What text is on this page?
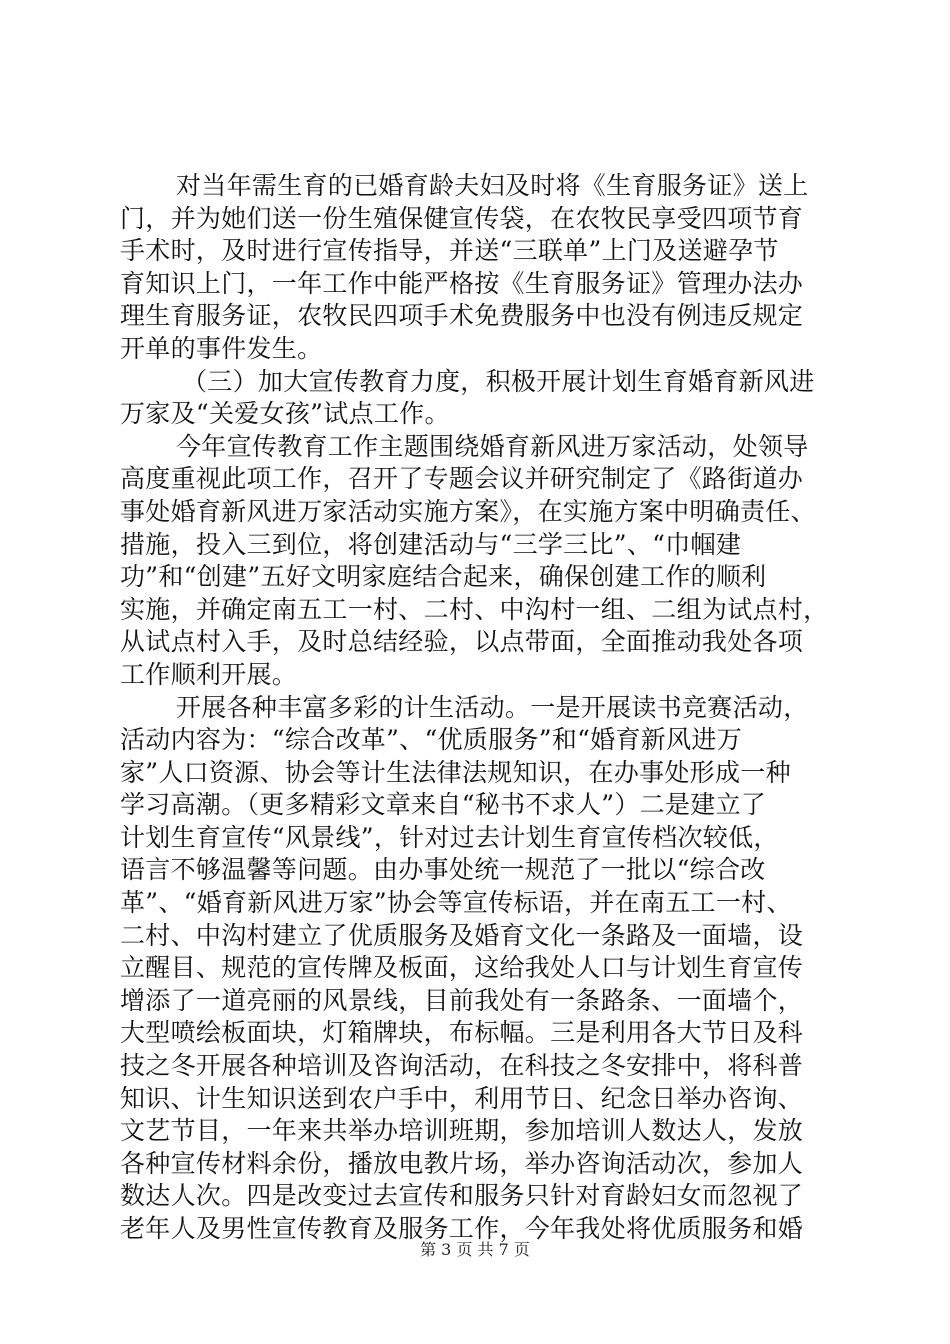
对当年需生育的已婚育龄夫妇及时将《生育服务证》送上
门，并为她们送一份生殖保健宣传袋，在农牧民享受四项节育
手术时，及时进行宣传指导，并送“三联单”上门及送避孕节
育知识上门，一年工作中能严格按《生育服务证》管理办法办
理生育服务证，农牧民四项手术免费服务中也没有例违反规定
开单的事件发生。
（三）加大宣传教育力度，积极开展计划生育婚育新风进
万家及“关爱女孩”试点工作。
今年宣传教育工作主题围绕婚育新风进万家活动，处领导
高度重视此项工作，召开了专题会议并研究制定了《路街道办
事处婚育新风进万家活动实施方案》，在实施方案中明确责任、
措施，投入三到位，将创建活动与“三学三比”、“巾帼建
功”和“创建”五好文明家庭结合起来，确保创建工作的顺利
实施，并确定南五工一村、二村、中沟村一组、二组为试点村，
从试点村入手，及时总结经验，以点带面，全面推动我处各项
工作顺利开展。
开展各种丰富多彩的计生活动。一是开展读书竞赛活动，
活动内容为：“综合改革”、“优质服务”和“婚育新风进万
家”人口资源、协会等计生法律法规知识，在办事处形成一种
学习高潮。（更多精彩文章来自“秘书不求人”）二是建立了
计划生育宣传“风景线”，针对过去计划生育宣传档次较低，
语言不够温馨等问题。由办事处统一规范了一批以“综合改
革”、“婚育新风进万家”协会等宣传标语，并在南五工一村、
二村、中沟村建立了优质服务及婚育文化一条路及一面墙，设
立醒目、规范的宣传牌及板面，这给我处人口与计划生育宣传
增添了一道亮丽的风景线，目前我处有一条路条、一面墙个，
大型喷绘板面块，灯箱牌块，布标幅。三是利用各大节日及科
技之冬开展各种培训及咨询活动，在科技之冬安排中，将科普
知识、计生知识送到农户手中，利用节日、纪念日举办咨询、
文艺节目，一年来共举办培训班期，参加培训人数达人，发放
各种宣传材料余份，播放电教片场，举办咨询活动次，参加人
数达人次。四是改变过去宣传和服务只针对育龄妇女而忽视了
老年人及男性宣传教育及服务工作，今年我处将优质服务和婚
第 3 页 共 7 页
